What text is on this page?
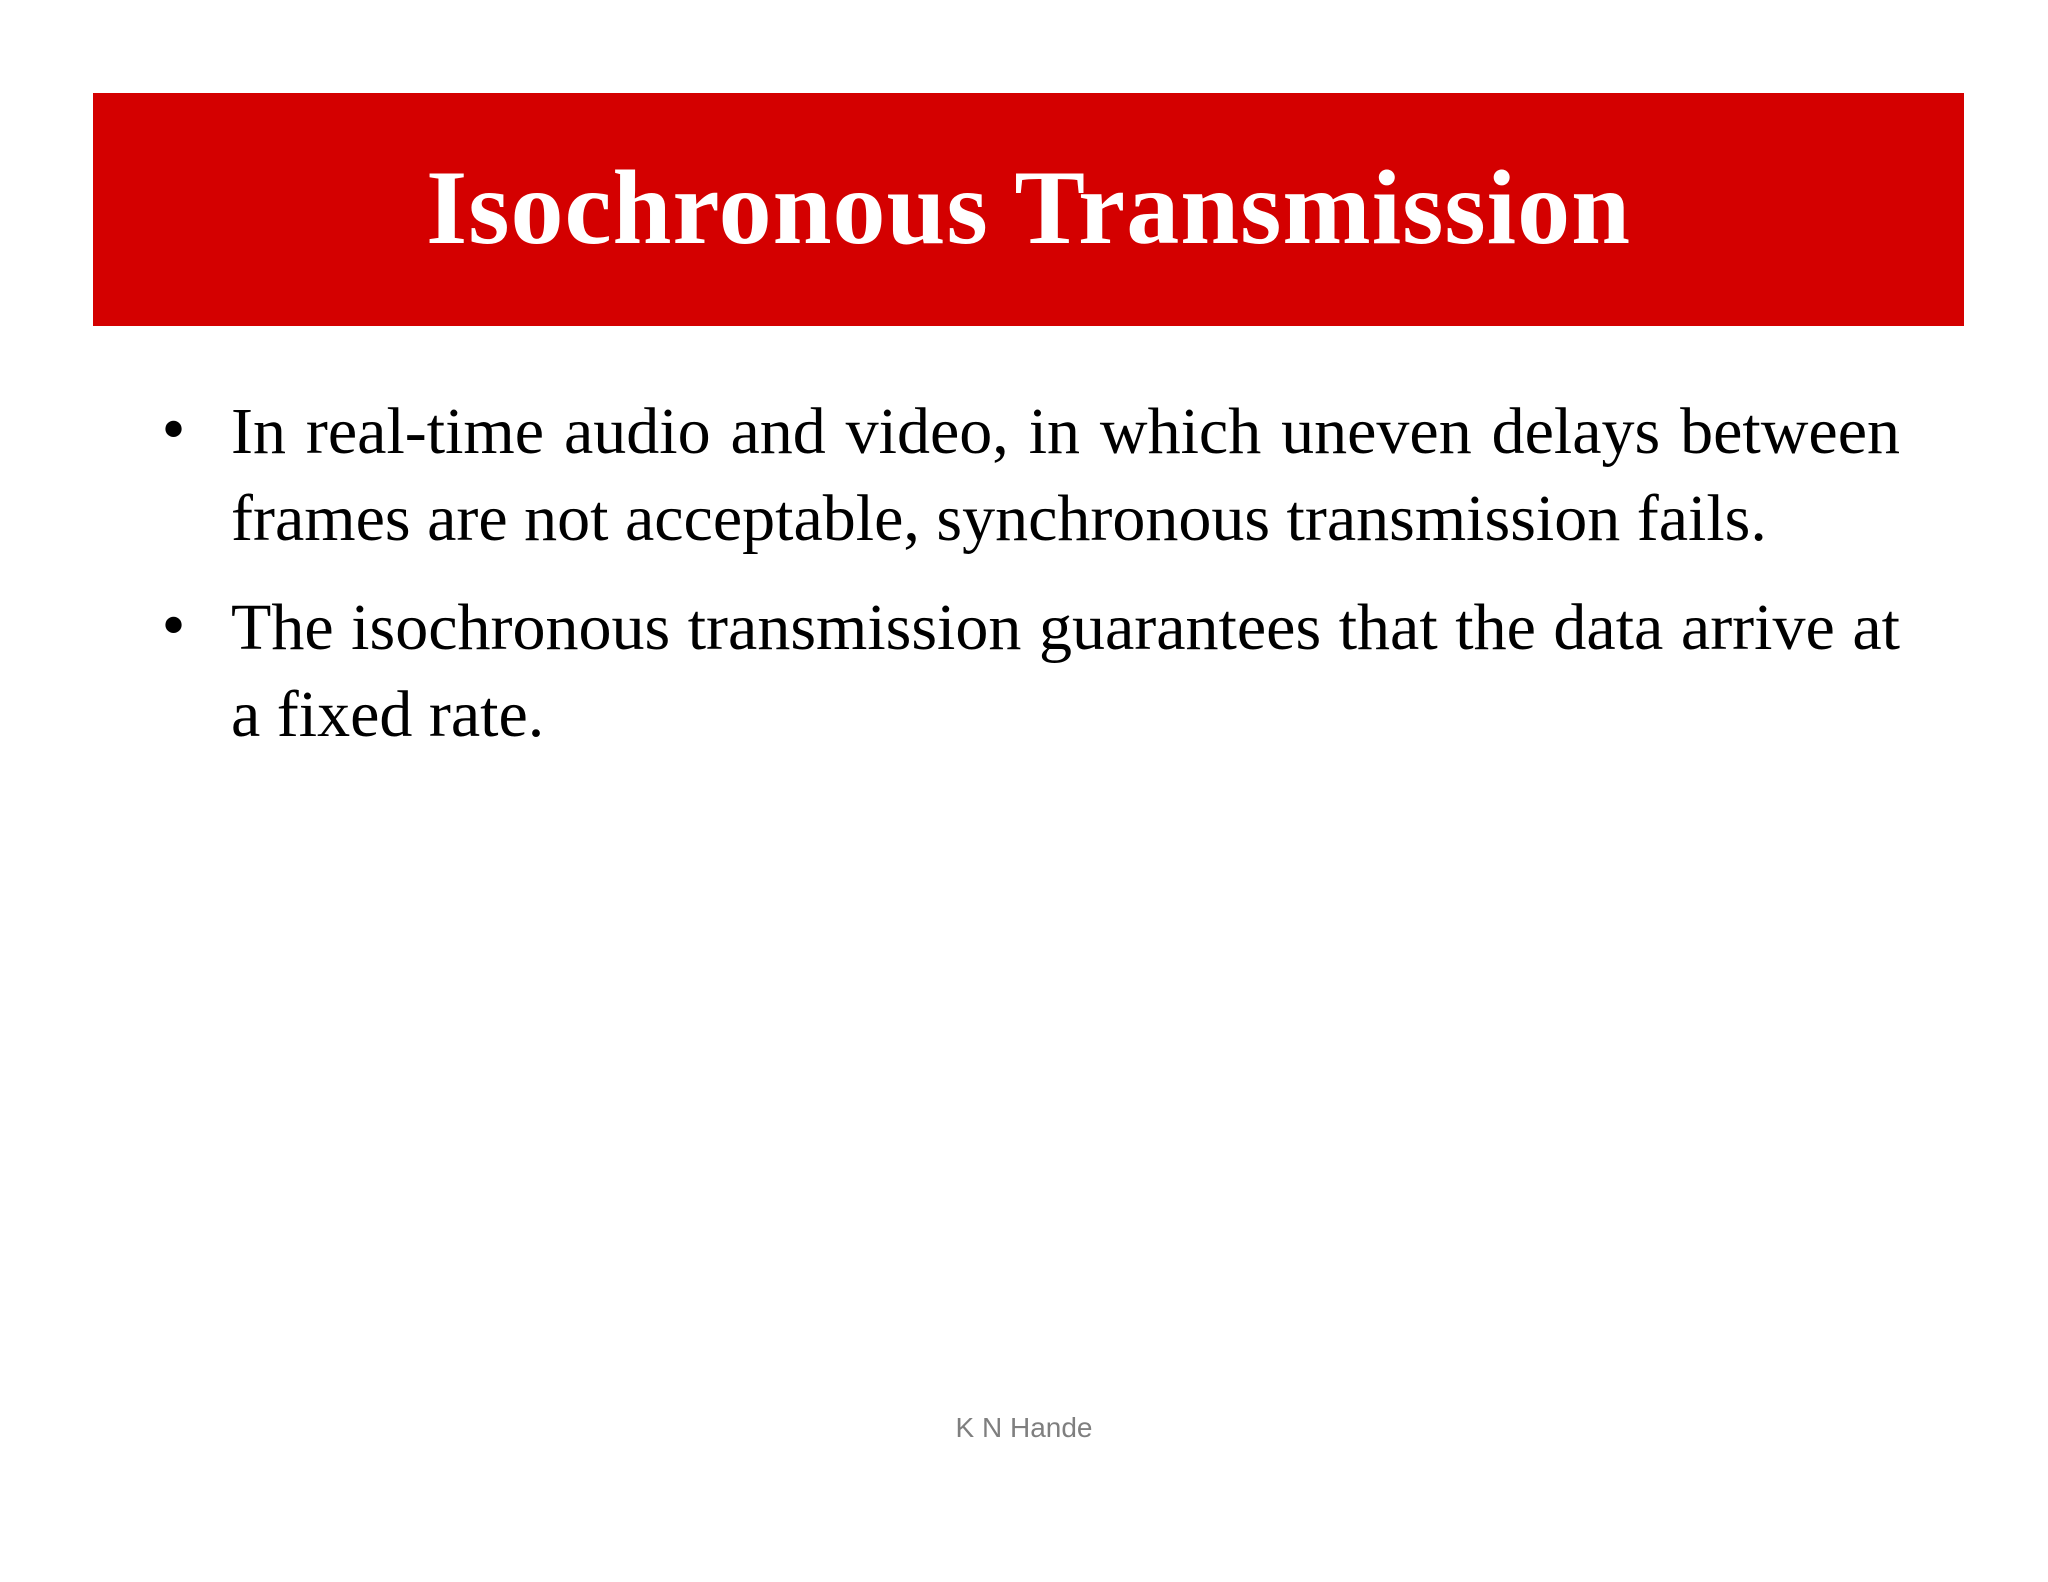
Isochronous Transmission
• In real-time audio and video, in which uneven delays between frames are not acceptable, synchronous transmission fails.
• The isochronous transmission guarantees that the data arrive at a fixed rate.
K N Hande
